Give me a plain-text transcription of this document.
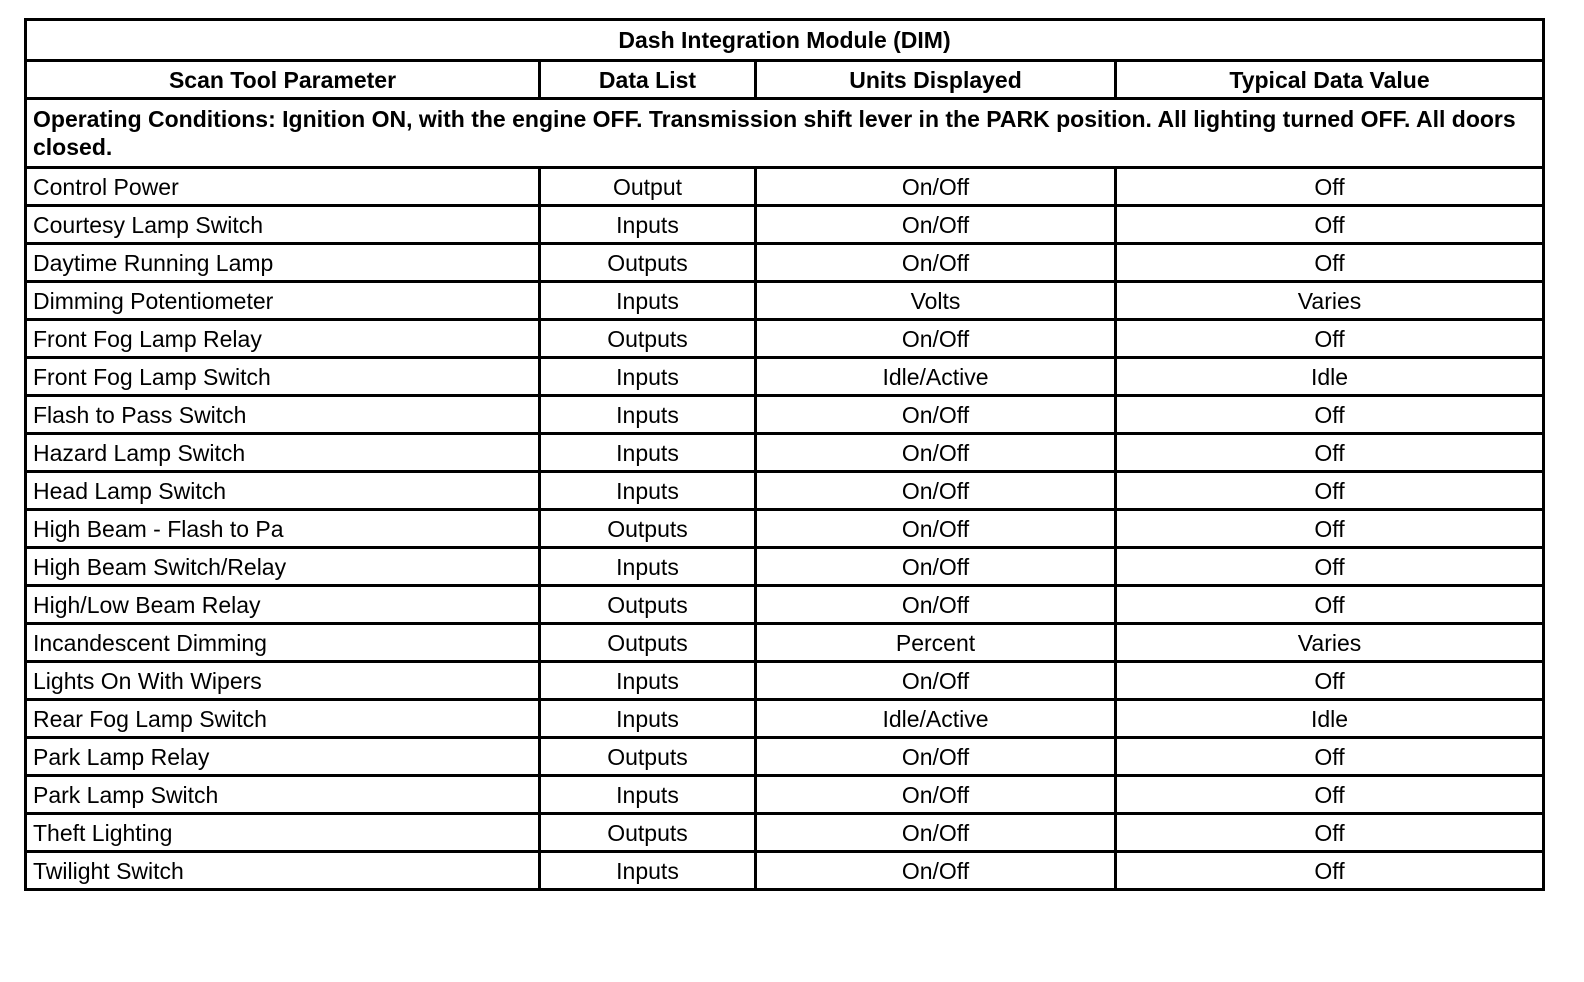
Dash Integration Module (DIM)			
Scan Tool Parameter	Data List	Units Displayed	Typical Data Value
Operating Conditions: Ignition ON, with the engine OFF. Transmission shift lever in the PARK position. All lighting turned OFF. All doors closed.			
Control Power	Output	On/Off	Off
Courtesy Lamp Switch	Inputs	On/Off	Off
Daytime Running Lamp	Outputs	On/Off	Off
Dimming Potentiometer	Inputs	Volts	Varies
Front Fog Lamp Relay	Outputs	On/Off	Off
Front Fog Lamp Switch	Inputs	Idle/Active	Idle
Flash to Pass Switch	Inputs	On/Off	Off
Hazard Lamp Switch	Inputs	On/Off	Off
Head Lamp Switch	Inputs	On/Off	Off
High Beam - Flash to Pa	Outputs	On/Off	Off
High Beam Switch/Relay	Inputs	On/Off	Off
High/Low Beam Relay	Outputs	On/Off	Off
Incandescent Dimming	Outputs	Percent	Varies
Lights On With Wipers	Inputs	On/Off	Off
Rear Fog Lamp Switch	Inputs	Idle/Active	Idle
Park Lamp Relay	Outputs	On/Off	Off
Park Lamp Switch	Inputs	On/Off	Off
Theft Lighting	Outputs	On/Off	Off
Twilight Switch	Inputs	On/Off	Off
